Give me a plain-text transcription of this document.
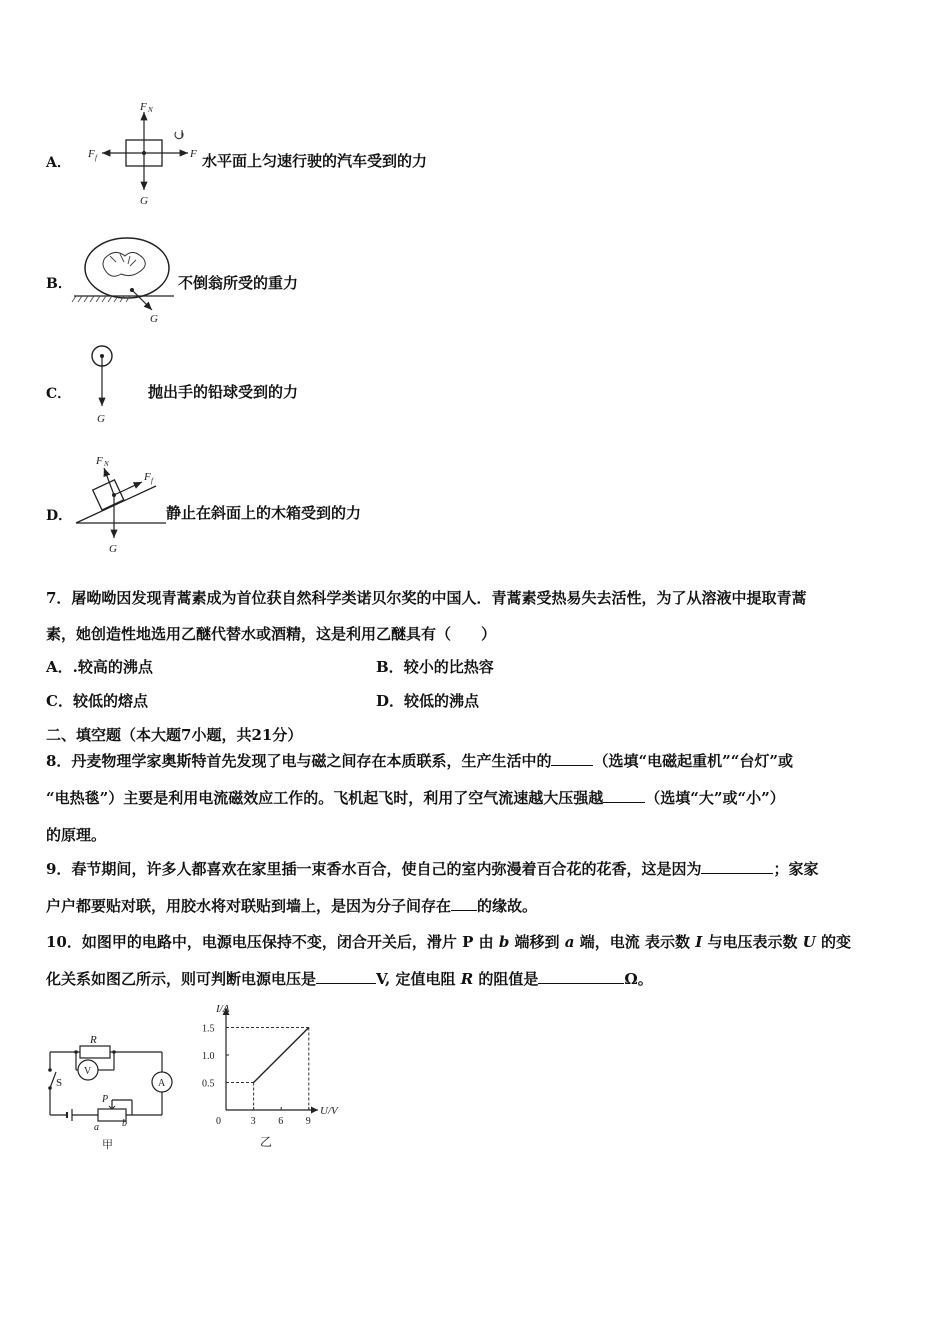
A．
F N
F f	F
G
水平面上匀速行驶的汽车受到的力
B．
G
不倒翁所受的重力
C．
G
抛出手的铅球受到的力
D．
F N
F f
G
静止在斜面上的木箱受到的力
7．屠呦呦因发现青蒿素成为首位获自然科学类诺贝尔奖的中国人．青蒿素受热易失去活性，为了从溶液中提取青蒿
素，她创造性地选用乙醚代替水或酒精，这是利用乙醚具有（　　）
A．.较高的沸点	B．较小的比热容
C．较低的熔点	D．较低的沸点
二、填空题（本大题7小题，共21分）
8．丹麦物理学家奥斯特首先发现了电与磁之间存在本质联系，生产生活中的	（选填“电磁起重机”“台灯”或
“电热毯”）主要是利用电流磁效应工作的。飞机起飞时，利用了空气流速越大压强越	（选填“大”或“小”）
的原理。
9．春节期间，许多人都喜欢在家里插一束香水百合，使自己的室内弥漫着百合花的花香，这是因为	；家家
户户都要贴对联，用胶水将对联贴到墙上，是因为分子间存在 的缘故。
10．如图甲的电路中，电源电压保持不变，闭合开关后，滑片 P 由 b 端移到 a 端，电流 表示数 I 与电压表示数 U 的变
化关系如图乙所示，则可判断电源电压是	V, 定值电阻 R 的阻值是	Ω。
R
V
A
S
P
a b
甲
I/A
U/V
0
乙
3 6 9
0.5
1.0
1.5
